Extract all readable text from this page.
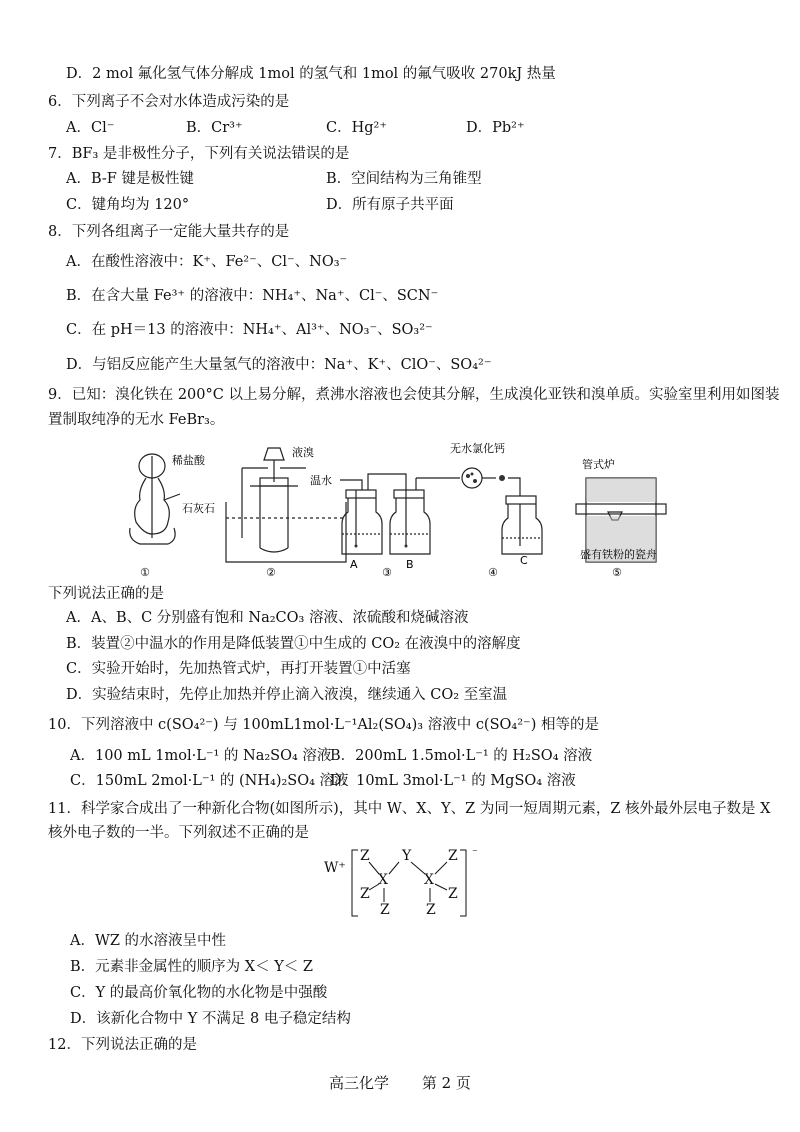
D．2 mol 氟化氢气体分解成 1mol 的氢气和 1mol 的氟气吸收 270kJ 热量
6．下列离子不会对水体造成污染的是
A．Cl⁻	B．Cr³⁺	C．Hg²⁺	D．Pb²⁺
7．BF₃ 是非极性分子，下列有关说法错误的是
A．B-F 键是极性键	B．空间结构为三角锥型
C．键角均为 120°	D．所有原子共平面
8．下列各组离子一定能大量共存的是
A．在酸性溶液中：K⁺、Fe²⁻、Cl⁻、NO₃⁻
B．在含大量 Fe³⁺ 的溶液中：NH₄⁺、Na⁺、Cl⁻、SCN⁻
C．在 pH＝13 的溶液中：NH₄⁺、Al³⁺、NO₃⁻、SO₃²⁻
D．与铝反应能产生大量氢气的溶液中：Na⁺、K⁺、ClO⁻、SO₄²⁻
9．已知：溴化铁在 200°C 以上易分解，煮沸水溶液也会使其分解，生成溴化亚铁和溴单质。实验室里利用如图装
置制取纯净的无水 FeBr₃。
稀盐酸
石灰石
液溴
温水
无水氯化钙
管式炉
盛有铁粉的瓷舟
A	B	C
①	②	③	④	⑤
下列说法正确的是
A．A、B、C 分别盛有饱和 Na₂CO₃ 溶液、浓硫酸和烧碱溶液
B．装置②中温水的作用是降低装置①中生成的 CO₂ 在液溴中的溶解度
C．实验开始时，先加热管式炉，再打开装置①中活塞
D．实验结束时，先停止加热并停止滴入液溴，继续通入 CO₂ 至室温
10．下列溶液中 c(SO₄²⁻) 与 100mL1mol·L⁻¹Al₂(SO₄)₃ 溶液中 c(SO₄²⁻) 相等的是
A．100 mL 1mol·L⁻¹ 的 Na₂SO₄ 溶液
B．200mL 1.5mol·L⁻¹ 的 H₂SO₄ 溶液
C．150mL 2mol·L⁻¹ 的 (NH₄)₂SO₄ 溶液
D．10mL 3mol·L⁻¹ 的 MgSO₄ 溶液
11．科学家合成出了一种新化合物(如图所示)，其中 W、X、Y、Z 为同一短周期元素，Z 核外最外层电子数是 X
核外电子数的一半。下列叙述不正确的是
W⁺
Z Y	Z
X	X
Z	Z
Z	Z
⁻
A．WZ 的水溶液呈中性
B．元素非金属性的顺序为 X＜ Y＜ Z
C．Y 的最高价氧化物的水化物是中强酸
D．该新化合物中 Y 不满足 8 电子稳定结构
12．下列说法正确的是
高三化学 第 2 页
